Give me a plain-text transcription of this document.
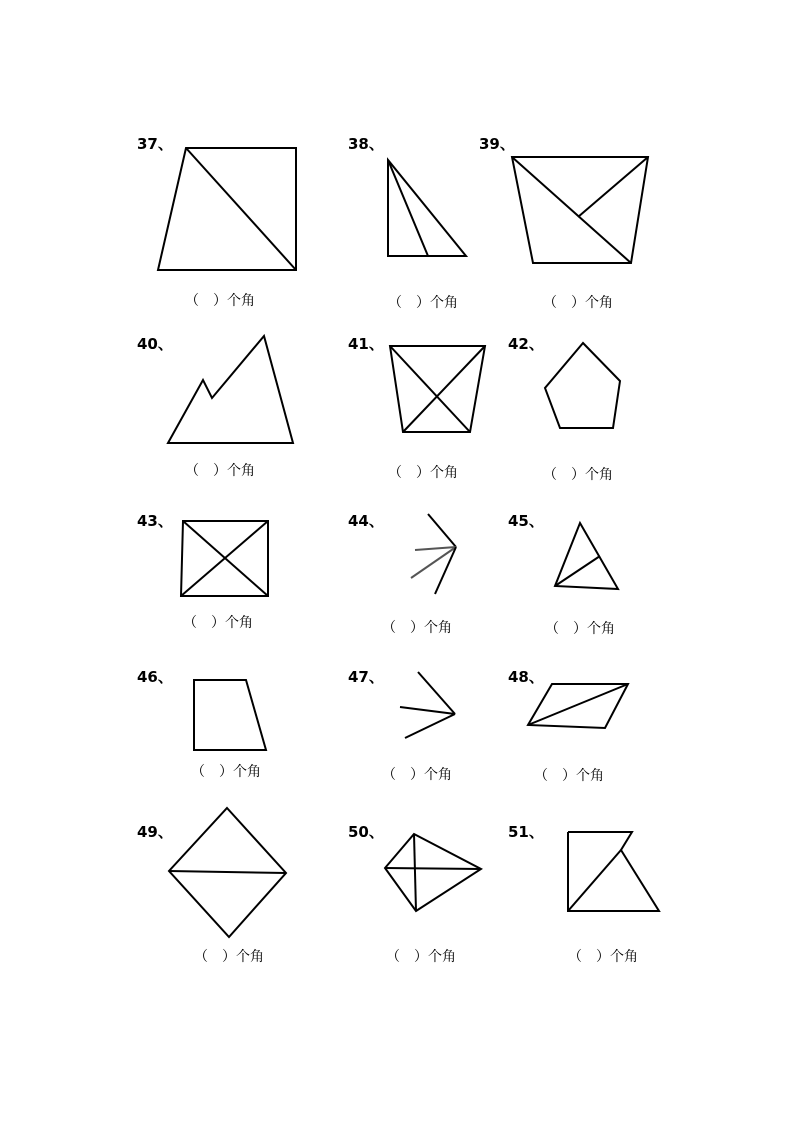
37、
（　）个角
38、
（　）个角
39、
（　）个角
40、
（　）个角
41、
（　）个角
42、
（　）个角
43、
（　）个角
44、
（　）个角
45、
（　）个角
46、
（　）个角
47、
（　）个角
48、
（　）个角
49、
（　）个角
50、
（　）个角
51、
（　）个角
